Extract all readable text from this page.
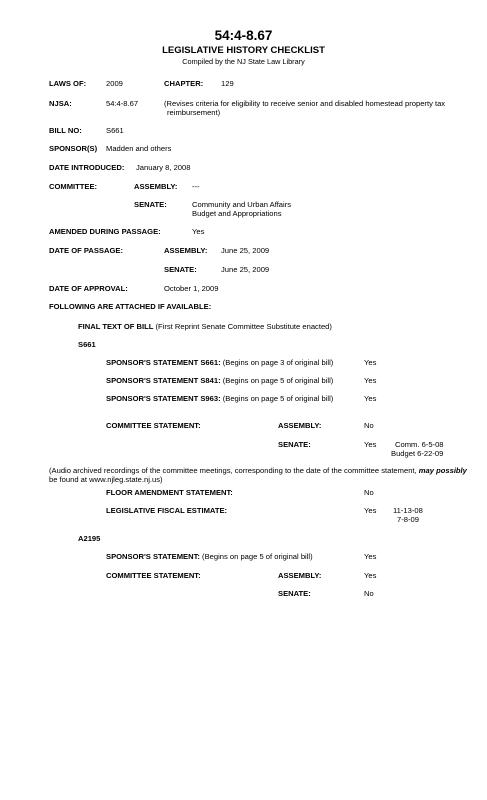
54:4-8.67
LEGISLATIVE HISTORY CHECKLIST
Compiled by the NJ State Law Library
LAWS OF:	2009	CHAPTER: 129
NJSA:	54:4-8.67	(Revises criteria for eligibility to receive senior and disabled homestead property tax
reimbursement)
BILL NO:	S661
SPONSOR(S) Madden and others
DATE INTRODUCED: January 8, 2008
COMMITTEE:	ASSEMBLY: ---
SENATE:	Community and Urban Affairs
Budget and Appropriations
AMENDED DURING PASSAGE:	Yes
DATE OF PASSAGE:	ASSEMBLY: June 25, 2009
SENATE:	June 25, 2009
DATE OF APPROVAL:	October 1, 2009
FOLLOWING ARE ATTACHED IF AVAILABLE:
FINAL TEXT OF BILL (First Reprint Senate Committee Substitute enacted)
S661
SPONSOR'S STATEMENT S661: (Begins on page 3 of original bill)	Yes
SPONSOR'S STATEMENT S841: (Begins on page 5 of original bill)	Yes
SPONSOR'S STATEMENT S963: (Begins on page 5 of original bill)	Yes
COMMITTEE STATEMENT:	ASSEMBLY:	No
SENATE:	Yes Comm. 6-5-08
Budget 6-22-09
(Audio archived recordings of the committee meetings, corresponding to the date of the committee statement, may possibly
be found at www.njleg.state.nj.us)
FLOOR AMENDMENT STATEMENT:	No
LEGISLATIVE FISCAL ESTIMATE:	Yes 11-13-08
7-8-09
A2195
SPONSOR'S STATEMENT: (Begins on page 5 of original bill)	Yes
COMMITTEE STATEMENT:	ASSEMBLY:	Yes
SENATE:	No
